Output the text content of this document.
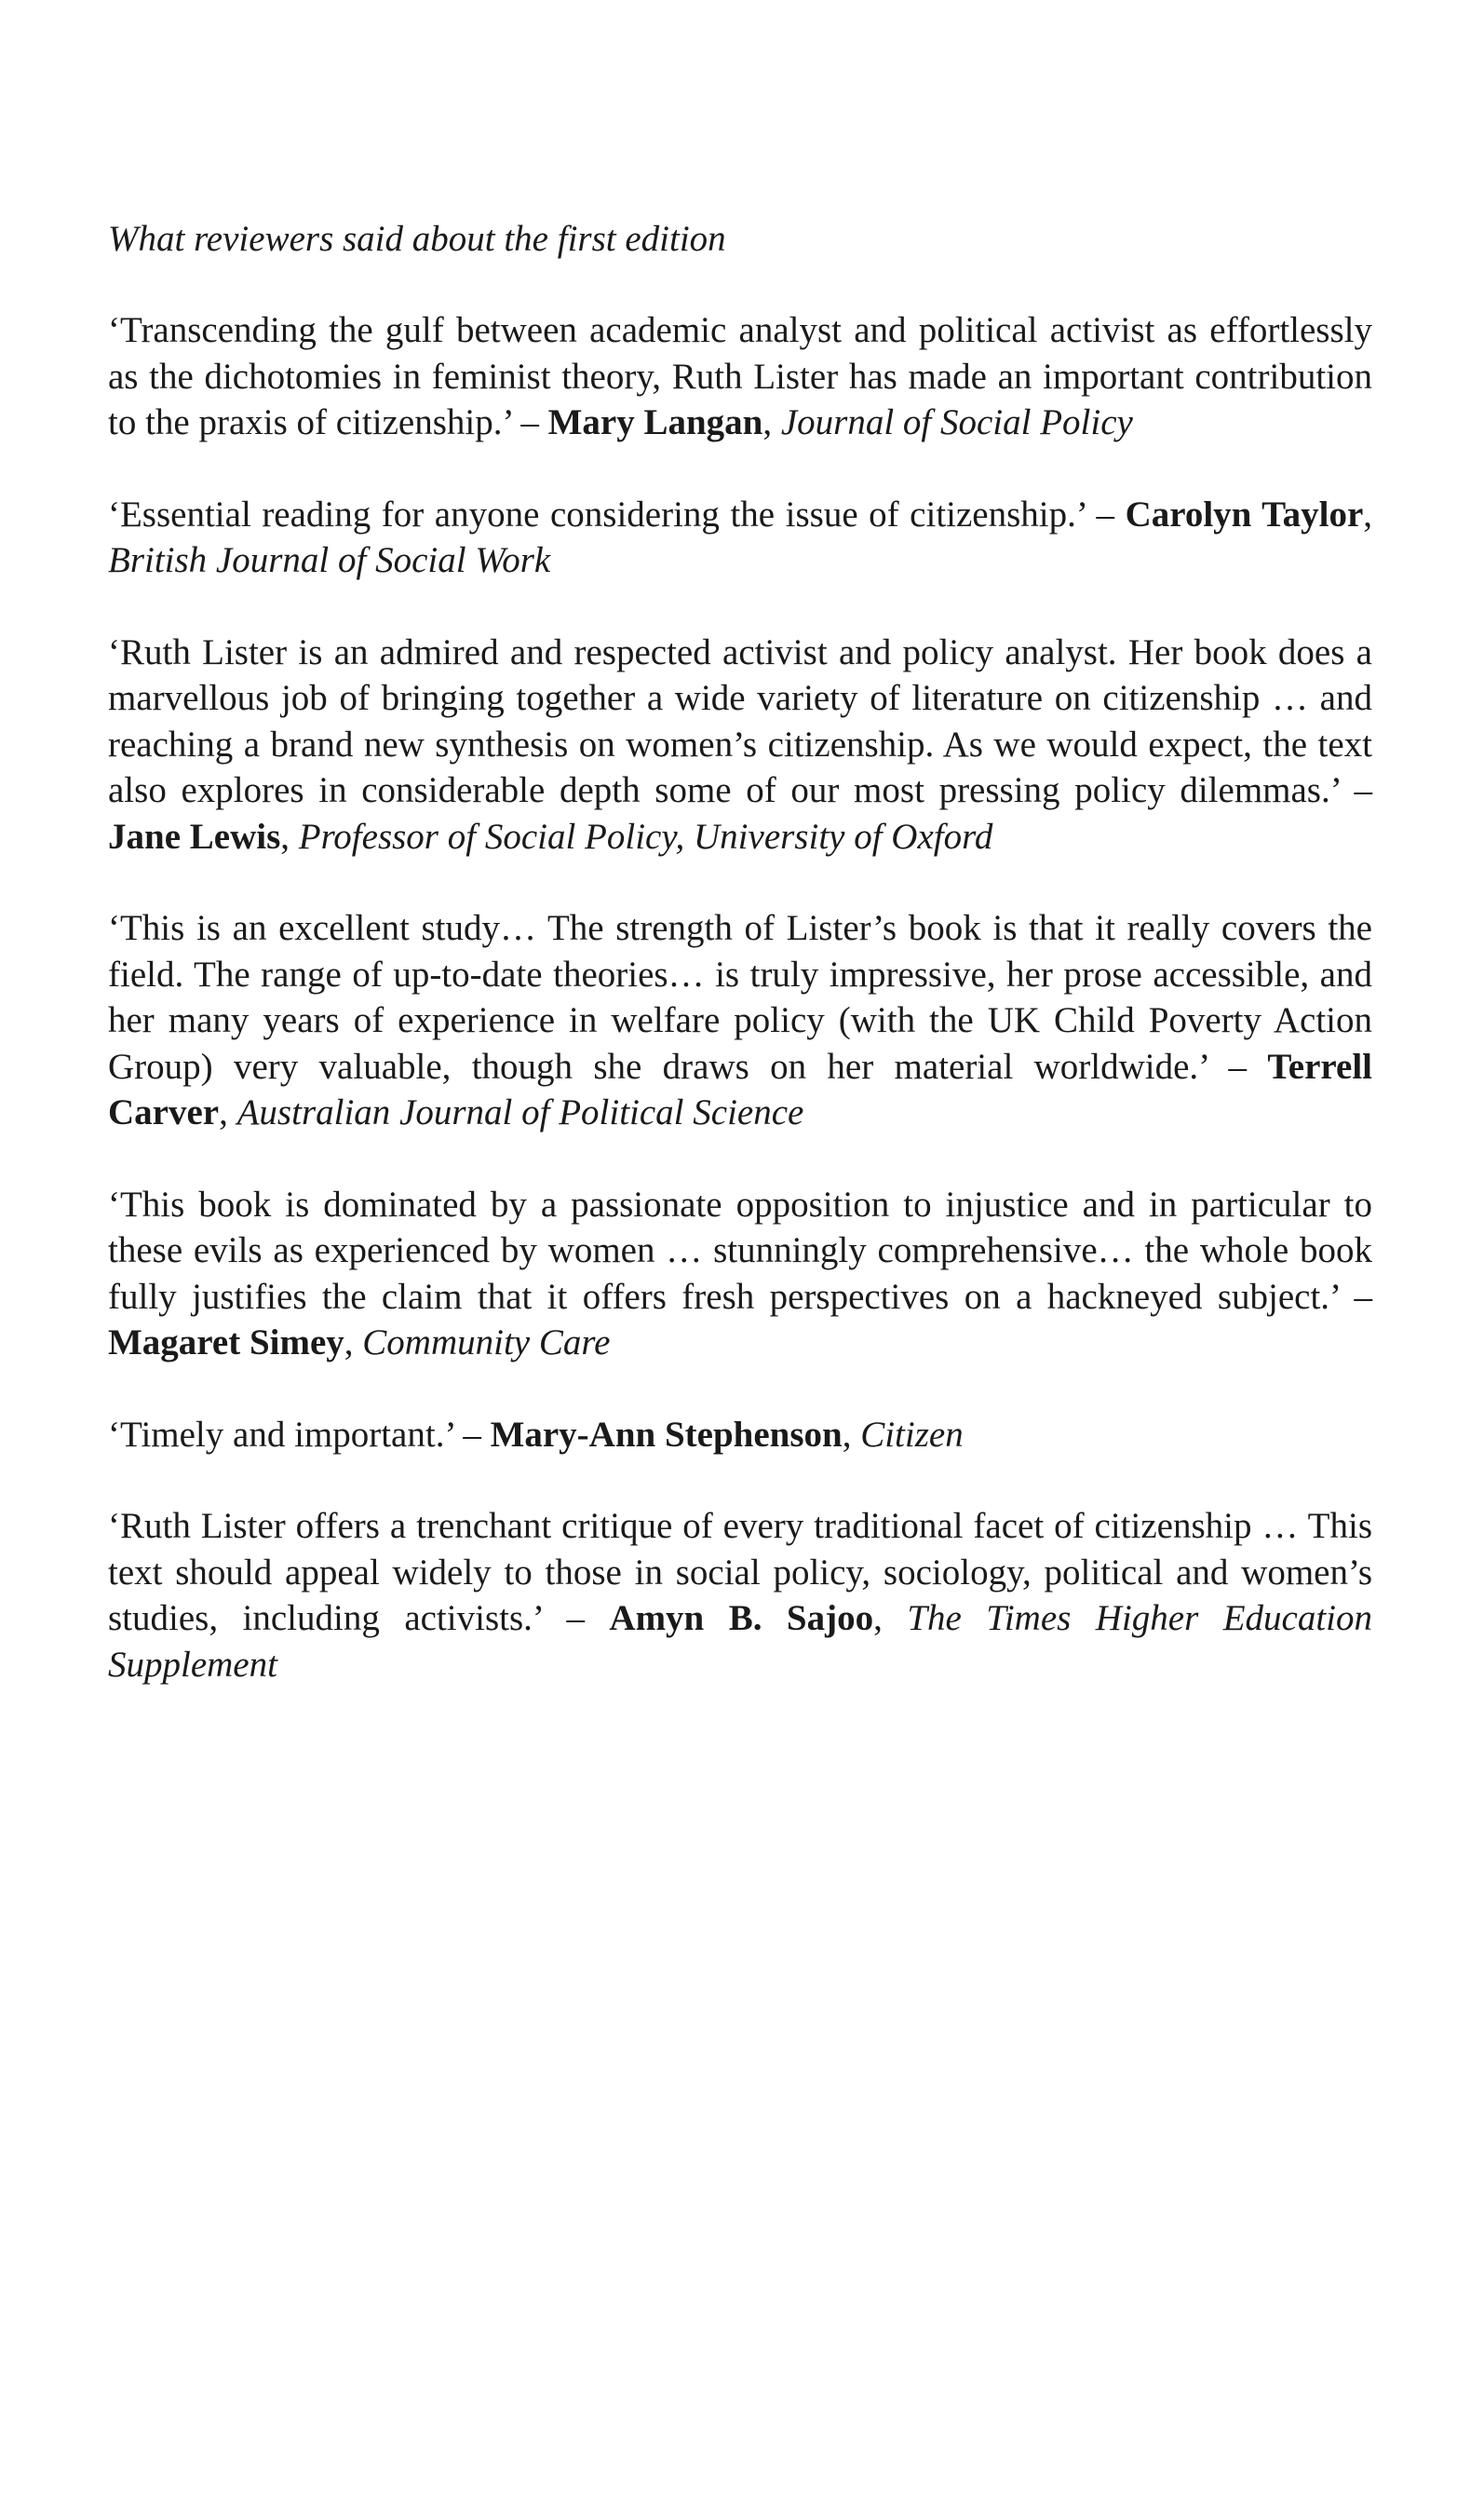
What reviewers said about the first edition

‘Transcending the gulf between academic analyst and political activist as effortlessly as the dichotomies in feminist theory, Ruth Lister has made an important contribution to the praxis of citizenship.’ – Mary Langan, Journal of Social Policy

‘Essential reading for anyone considering the issue of citizenship.’ – Carolyn Taylor, British Journal of Social Work

‘Ruth Lister is an admired and respected activist and policy analyst. Her book does a marvellous job of bringing together a wide variety of literature on citizenship … and reaching a brand new synthesis on women’s citizenship. As we would expect, the text also explores in considerable depth some of our most pressing policy dilemmas.’ – Jane Lewis, Professor of Social Policy, University of Oxford

‘This is an excellent study… The strength of Lister’s book is that it really covers the field. The range of up-to-date theories… is truly impressive, her prose accessible, and her many years of experience in welfare policy (with the UK Child Poverty Action Group) very valuable, though she draws on her material worldwide.’ – Terrell Carver, Australian Journal of Political Science

‘This book is dominated by a passionate opposition to injustice and in particular to these evils as experienced by women … stunningly comprehensive… the whole book fully justifies the claim that it offers fresh perspectives on a hackneyed subject.’ – Magaret Simey, Community Care

‘Timely and important.’ – Mary-Ann Stephenson, Citizen

‘Ruth Lister offers a trenchant critique of every traditional facet of citizenship … This text should appeal widely to those in social policy, sociology, political and women’s studies, including activists.’ – Amyn B. Sajoo, The Times Higher Education Supplement
